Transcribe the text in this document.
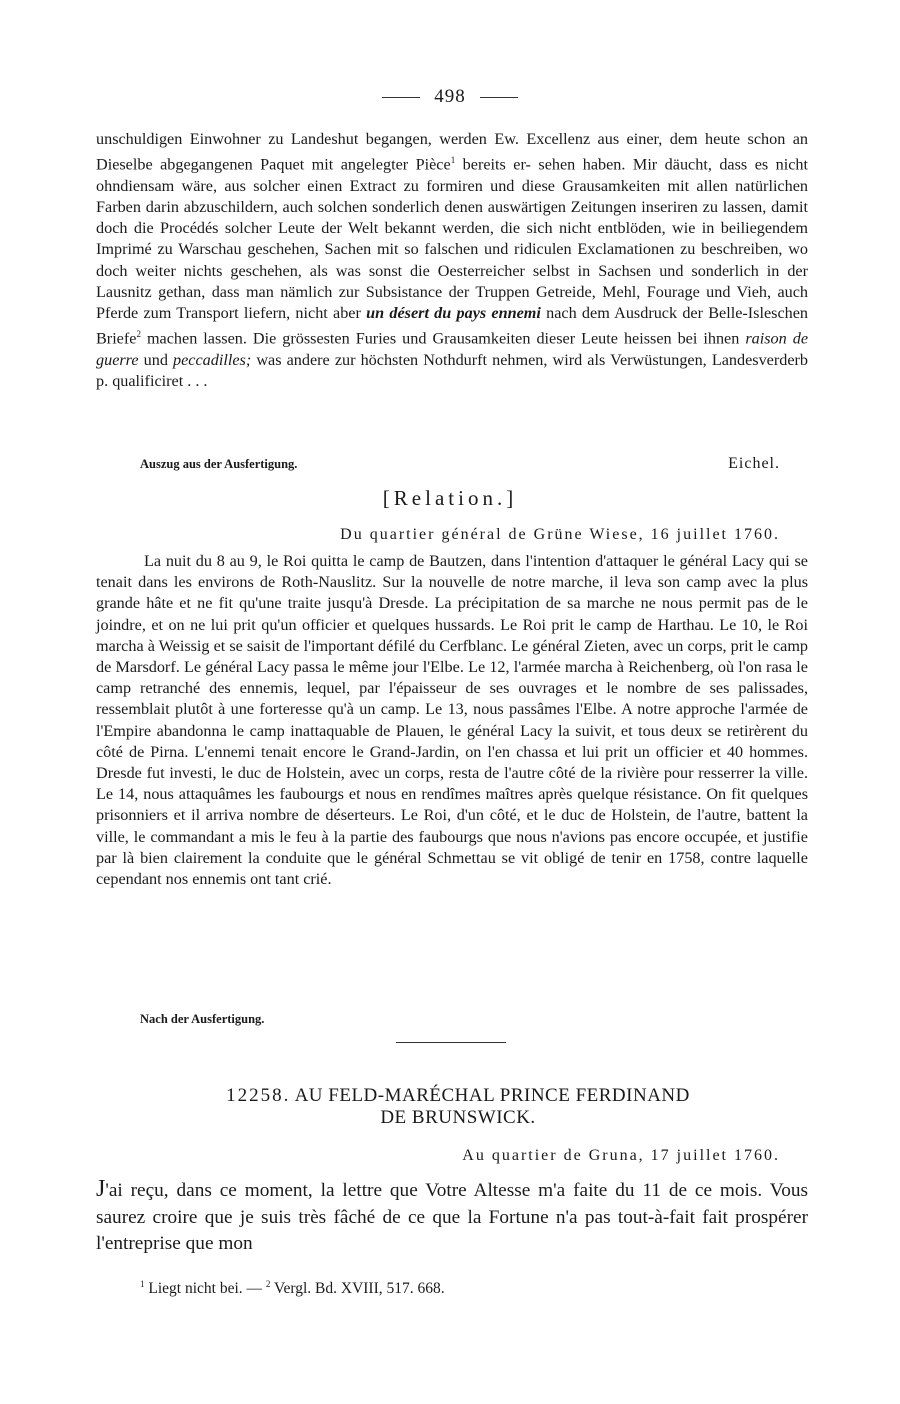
498

unschuldigen Einwohner zu Landeshut begangen, werden Ew. Excellenz aus einer, dem heute schon an Dieselbe abgegangenen Paquet mit angelegter Pièce$^1$ bereits er- sehen haben. Mir däucht, dass es nicht ohndiensam wäre, aus solcher einen Extract zu formiren und diese Grausamkeiten mit allen natürlichen Farben darin abzuschildern, auch solchen sonderlich denen auswärtigen Zeitungen inseriren zu lassen, damit doch die Procédés solcher Leute der Welt bekannt werden, die sich nicht entblöden, wie in beiliegendem Imprimé zu Warschau geschehen, Sachen mit so falschen und ridiculen Exclamationen zu beschreiben, wo doch weiter nichts geschehen, als was sonst die Oesterreicher selbst in Sachsen und sonderlich in der Lausnitz gethan, dass man nämlich zur Subsistance der Truppen Getreide, Mehl, Fourage und Vieh, auch Pferde zum Transport liefern, nicht aber un désert du pays ennemi nach dem Ausdruck der Belle-Isleschen Briefe$^2$ machen lassen. Die grössesten Furies und Grausamkeiten dieser Leute heissen bei ihnen raison de guerre und peccadilles; was andere zur höchsten Nothdurft nehmen, wird als Verwüstungen, Landesverderb p. qualificiret . . .

Auszug aus der Ausfertigung.	Eichel.
[Relation.]
Du quartier général de Grüne Wiese, 16 juillet 1760.

La nuit du 8 au 9, le Roi quitta le camp de Bautzen, dans l'intention d'attaquer le général Lacy qui se tenait dans les environs de Roth-Nauslitz. Sur la nouvelle de notre marche, il leva son camp avec la plus grande hâte et ne fit qu'une traite jusqu'à Dresde. La précipitation de sa marche ne nous permit pas de le joindre, et on ne lui prit qu'un officier et quelques hussards. Le Roi prit le camp de Harthau. Le 10, le Roi marcha à Weissig et se saisit de l'important défilé du Cerfblanc. Le général Zieten, avec un corps, prit le camp de Marsdorf. Le général Lacy passa le même jour l'Elbe. Le 12, l'armée marcha à Reichenberg, où l'on rasa le camp retranché des ennemis, lequel, par l'épaisseur de ses ouvrages et le nombre de ses palissades, ressemblait plutôt à une forteresse qu'à un camp. Le 13, nous passâmes l'Elbe. A notre approche l'armée de l'Empire abandonna le camp inattaquable de Plauen, le général Lacy la suivit, et tous deux se retirèrent du côté de Pirna. L'ennemi tenait encore le Grand-Jardin, on l'en chassa et lui prit un officier et 40 hommes. Dresde fut investi, le duc de Holstein, avec un corps, resta de l'autre côté de la rivière pour resserrer la ville. Le 14, nous attaquâmes les faubourgs et nous en rendîmes maîtres après quelque résistance. On fit quelques prisonniers et il arriva nombre de déserteurs. Le Roi, d'un côté, et le duc de Holstein, de l'autre, battent la ville, le commandant a mis le feu à la partie des faubourgs que nous n'avions pas encore occupée, et justifie par là bien clairement la conduite que le général Schmettau se vit obligé de tenir en 1758, contre laquelle cependant nos ennemis ont tant crié.

Nach der Ausfertigung.
12258. AU FELD-MARÉCHAL PRINCE FERDINAND
DE BRUNSWICK.
Au quartier de Gruna, 17 juillet 1760.
J'ai reçu, dans ce moment, la lettre que Votre Altesse m'a faite du 11 de ce mois. Vous saurez croire que je suis très fâché de ce que la Fortune n'a pas tout-à-fait fait prospérer l'entreprise que mon
$^1$ Liegt nicht bei. — $^2$ Vergl. Bd. XVIII, 517. 668.
